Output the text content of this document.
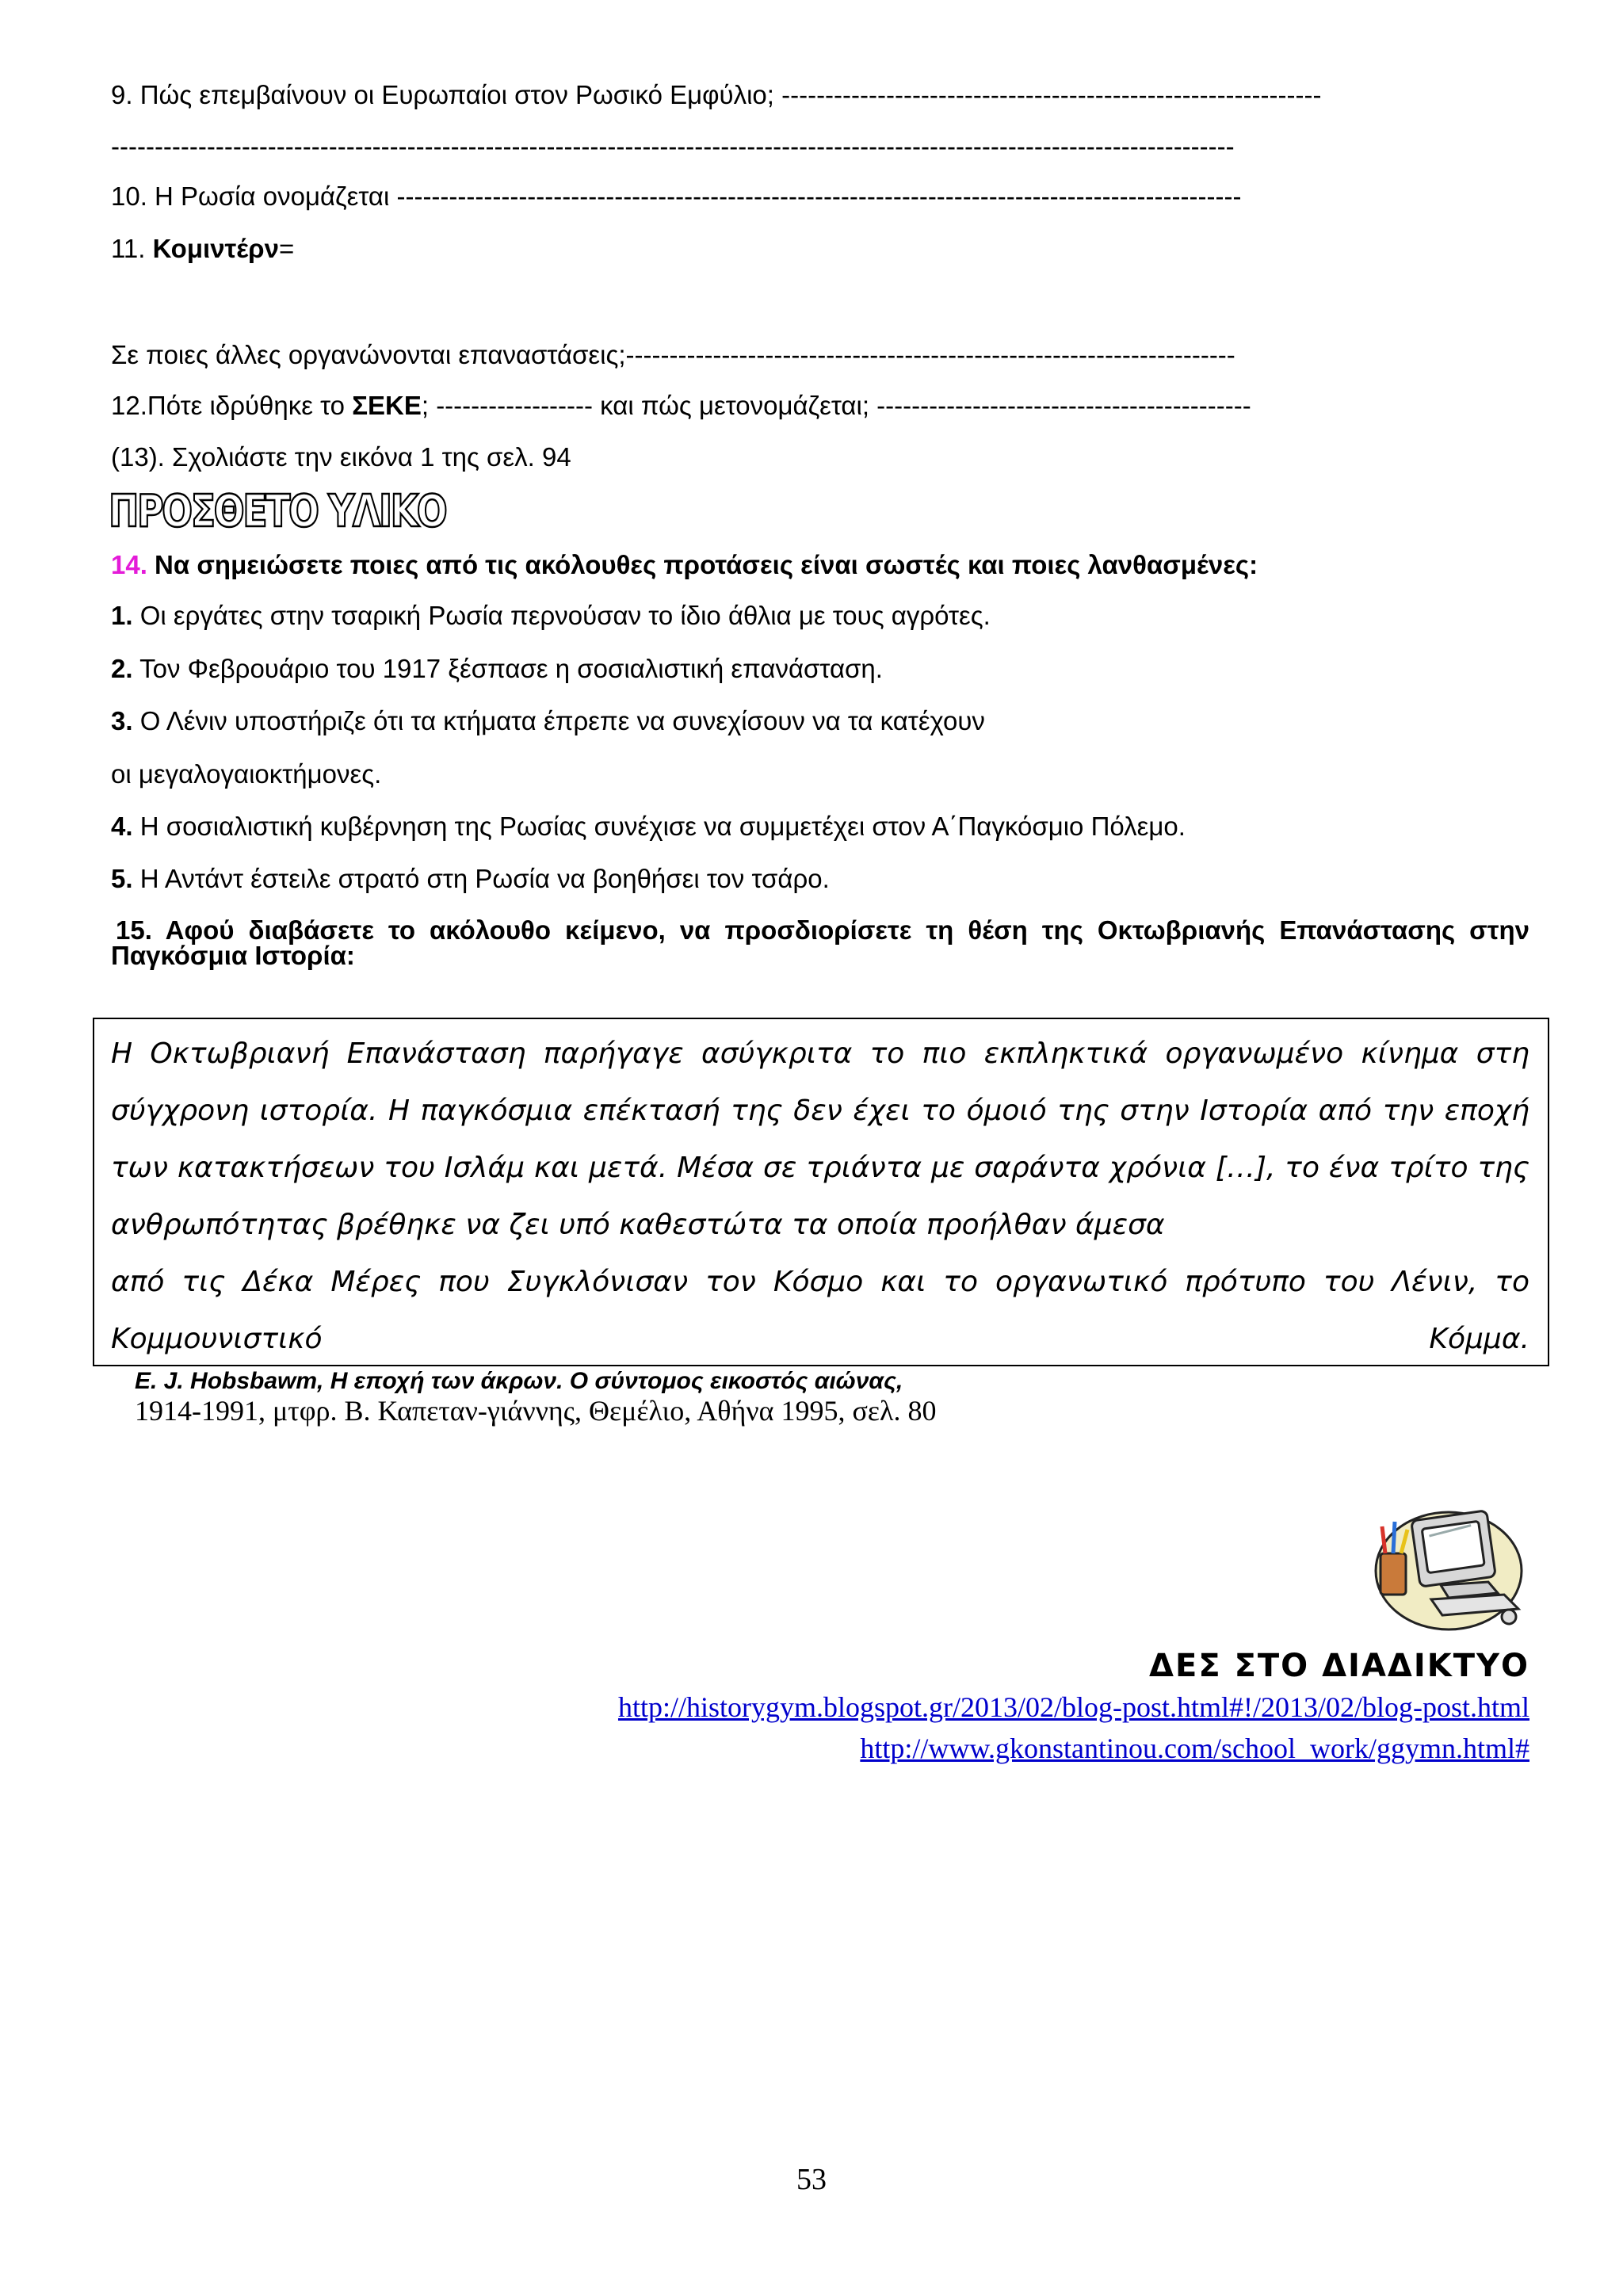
9. Πώς επεμβαίνουν οι Ευρωπαίοι στον Ρωσικό Εμφύλιο; --------------------------------------------------------------
---------------------------------------------------------------------------------------------------------------------------------
10. Η Ρωσία ονομάζεται -------------------------------------------------------------------------------------------------
11. Κομιντέρν=
Σε ποιες άλλες οργανώνονται επαναστάσεις;----------------------------------------------------------------------
12.Πότε ιδρύθηκε το ΣΕΚΕ; ------------------ και πώς μετονομάζεται; -------------------------------------------
(13). Σχολιάστε την εικόνα 1 της σελ. 94
ΠΡΟΣΘΕΤΟ ΥΛΙΚΟ
14. Να σημειώσετε ποιες από τις ακόλουθες προτάσεις είναι σωστές και ποιες λανθασμένες:
1. Οι εργάτες στην τσαρική Ρωσία περνούσαν το ίδιο άθλια με τους αγρότες.
2. Τον Φεβρουάριο του 1917 ξέσπασε η σοσιαλιστική επανάσταση.
3. Ο Λένιν υποστήριζε ότι τα κτήματα έπρεπε να συνεχίσουν να τα κατέχουν
οι μεγαλογαιοκτήμονες.
4. Η σοσιαλιστική κυβέρνηση της Ρωσίας συνέχισε να συμμετέχει στον Α΄Παγκόσμιο Πόλεμο.
5. Η Αντάντ έστειλε στρατό στη Ρωσία να βοηθήσει τον τσάρο.
15. Αφού διαβάσετε το ακόλουθο κείμενο, να προσδιορίσετε τη θέση της Οκτωβριανής Επανάστασης στην Παγκόσμια Ιστορία:
Η Οκτωβριανή Επανάσταση παρήγαγε ασύγκριτα το πιο εκπληκτικά οργανωμένο κίνημα στη σύγχρονη ιστορία. Η παγκόσμια επέκτασή της δεν έχει το όμοιό της στην Ιστορία από την εποχή των κατακτήσεων του Ισλάμ και μετά. Μέσα σε τριάντα με σαράντα χρόνια […], το ένα τρίτο της ανθρωπότητας βρέθηκε να ζει υπό καθεστώτα τα οποία προήλθαν άμεσα
από τις Δέκα Μέρες που Συγκλόνισαν τον Κόσμο και το οργανωτικό πρότυπο του Λένιν, το Κομμουνιστικό Κόμμα.
E. J. Hobsbawm, Η εποχή των άκρων. Ο σύντομος εικοστός αιώνας,
1914-1991, μτφρ. Β. Καπεταν-γιάννης, Θεμέλιο, Αθήνα 1995, σελ. 80
ΔΕΣ ΣΤΟ ΔΙΑΔΙΚΤΥΟ
http://historygym.blogspot.gr/2013/02/blog-post.html#!/2013/02/blog-post.html
http://www.gkonstantinou.com/school_work/ggymn.html#
53
